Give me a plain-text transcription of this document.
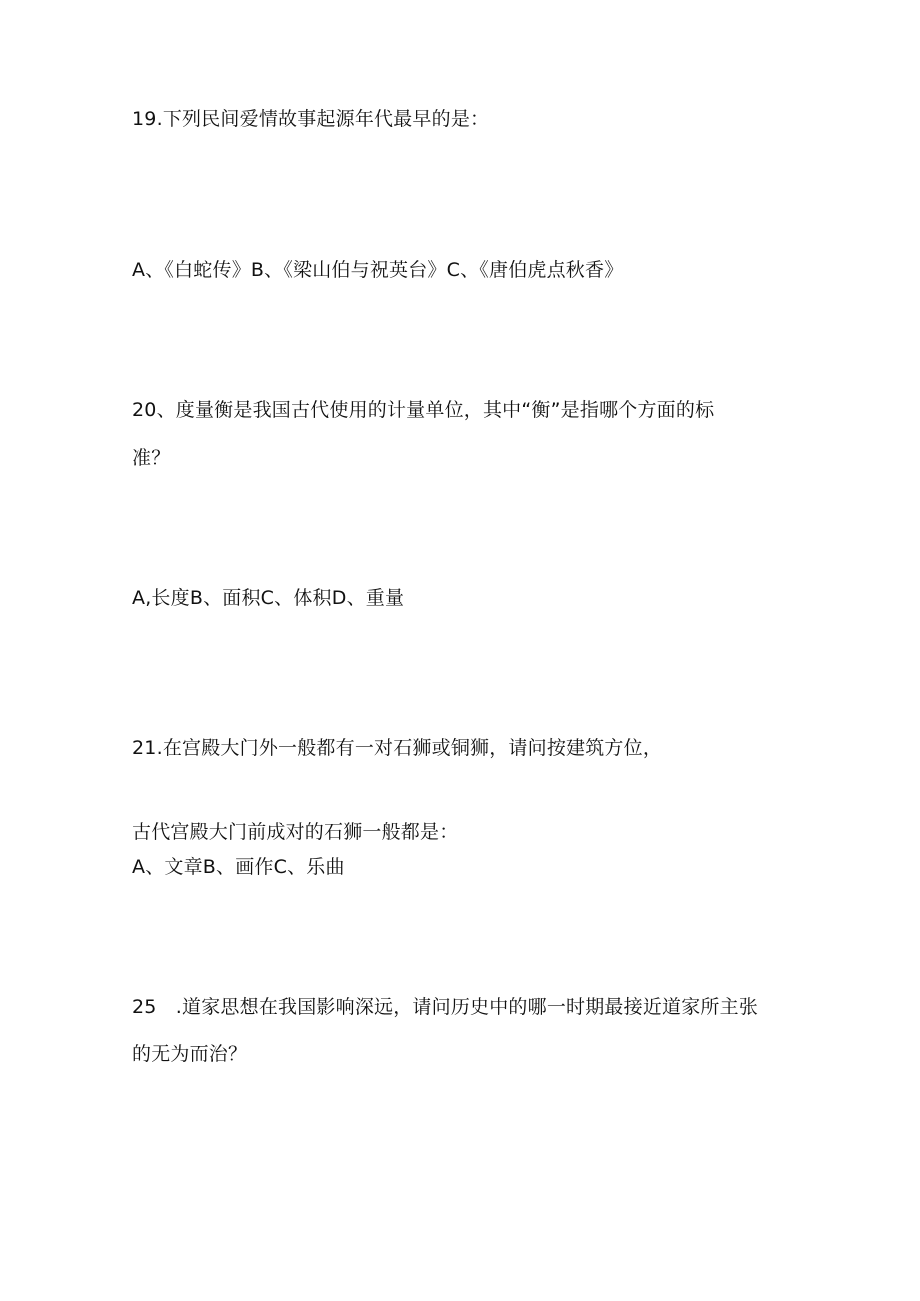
19.下列民间爱情故事起源年代最早的是：
A、《白蛇传》B、《梁山伯与祝英台》C、《唐伯虎点秋香》
20、度量衡是我国古代使用的计量单位，其中“衡”是指哪个方面的标
准？
A,长度B、面积C、体积D、重量
21.在宫殿大门外一般都有一对石狮或铜狮，请问按建筑方位，
古代宫殿大门前成对的石狮一般都是：
A、文章B、画作C、乐曲
25　.道家思想在我国影响深远，请问历史中的哪一时期最接近道家所主张
的无为而治？
